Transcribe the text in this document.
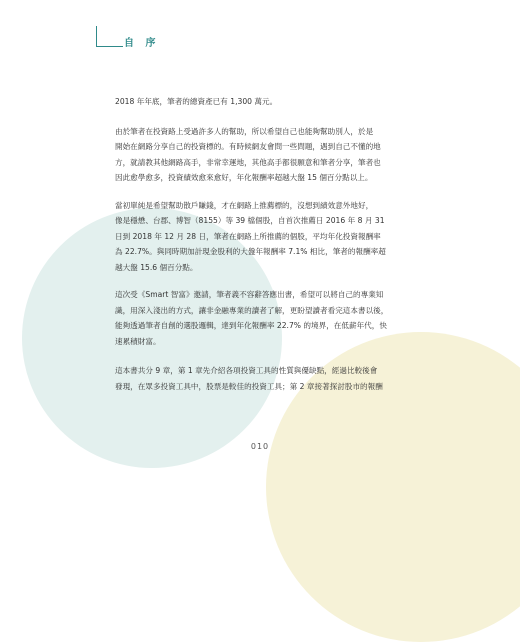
自 序

2018 年年底，筆者的總資產已有 1,300 萬元。

由於筆者在投資路上受過許多人的幫助，所以希望自己也能夠幫助別人，於是
開始在網路分享自己的投資標的。有時候網友會問一些問題，遇到自己不懂的地
方，就請教其他網路高手，非常幸運地，其他高手都很願意和筆者分享，筆者也
因此愈學愈多，投資績效愈來愈好，年化報酬率超越大盤 15 個百分點以上。

當初單純是希望幫助散戶賺錢，才在網路上推薦標的，沒想到績效意外地好，
像是穩懋、台郡、博智（8155）等 39 檔個股，自首次推薦日 2016 年 8 月 31
日到 2018 年 12 月 28 日，筆者在網路上所推薦的個股，平均年化投資報酬率
為 22.7%。與同時期加計現金股利的大盤年報酬率 7.1% 相比，筆者的報酬率超
越大盤 15.6 個百分點。

這次受《Smart 智富》邀請，筆者義不容辭答應出書，希望可以將自己的專業知
識，用深入淺出的方式，讓非金融專業的讀者了解，更盼望讀者看完這本書以後，
能夠透過筆者自創的選股邏輯，達到年化報酬率 22.7% 的境界，在低薪年代，快
速累積財富。

這本書共分 9 章，第 1 章先介紹各項投資工具的性質與優缺點，經過比較後會
發現，在眾多投資工具中，股票是較佳的投資工具；第 2 章接著探討股市的報酬

010
